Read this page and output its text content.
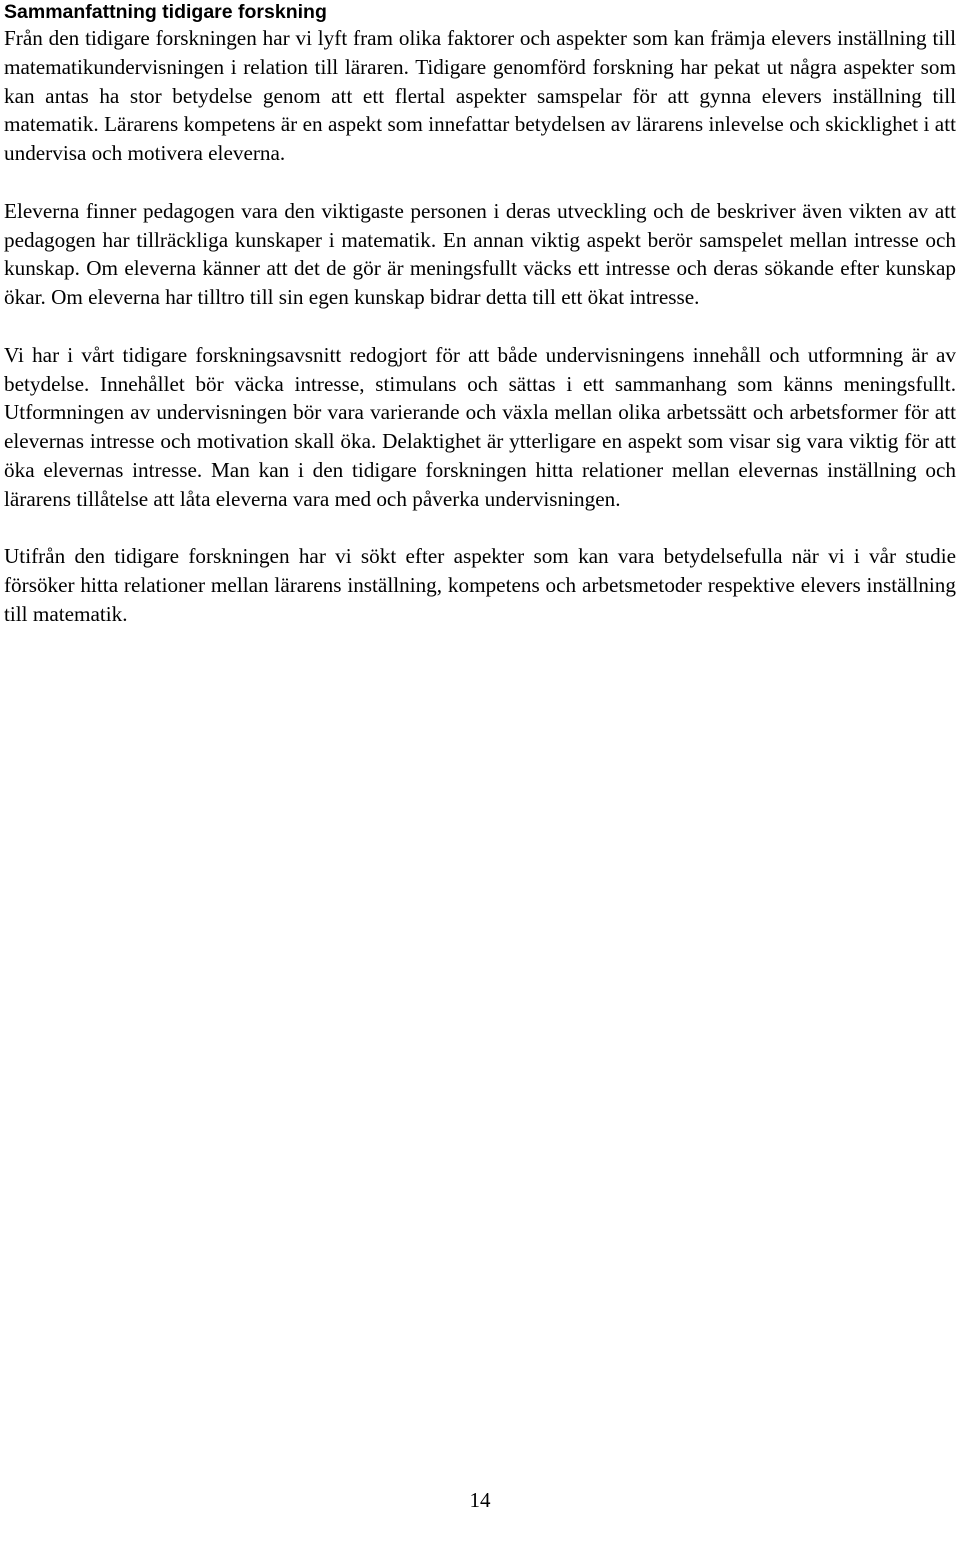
Sammanfattning tidigare forskning

Från den tidigare forskningen har vi lyft fram olika faktorer och aspekter som kan främja elevers inställning till matematikundervisningen i relation till läraren. Tidigare genomförd forskning har pekat ut några aspekter som kan antas ha stor betydelse genom att ett flertal aspekter samspelar för att gynna elevers inställning till matematik. Lärarens kompetens är en aspekt som innefattar betydelsen av lärarens inlevelse och skicklighet i att undervisa och motivera eleverna.

Eleverna finner pedagogen vara den viktigaste personen i deras utveckling och de beskriver även vikten av att pedagogen har tillräckliga kunskaper i matematik. En annan viktig aspekt berör samspelet mellan intresse och kunskap. Om eleverna känner att det de gör är meningsfullt väcks ett intresse och deras sökande efter kunskap ökar. Om eleverna har tilltro till sin egen kunskap bidrar detta till ett ökat intresse.

Vi har i vårt tidigare forskningsavsnitt redogjort för att både undervisningens innehåll och utformning är av betydelse. Innehållet bör väcka intresse, stimulans och sättas i ett sammanhang som känns meningsfullt. Utformningen av undervisningen bör vara varierande och växla mellan olika arbetssätt och arbetsformer för att elevernas intresse och motivation skall öka. Delaktighet är ytterligare en aspekt som visar sig vara viktig för att öka elevernas intresse. Man kan i den tidigare forskningen hitta relationer mellan elevernas inställning och lärarens tillåtelse att låta eleverna vara med och påverka undervisningen.

Utifrån den tidigare forskningen har vi sökt efter aspekter som kan vara betydelsefulla när vi i vår studie försöker hitta relationer mellan lärarens inställning, kompetens och arbetsmetoder respektive elevers inställning till matematik.

14
